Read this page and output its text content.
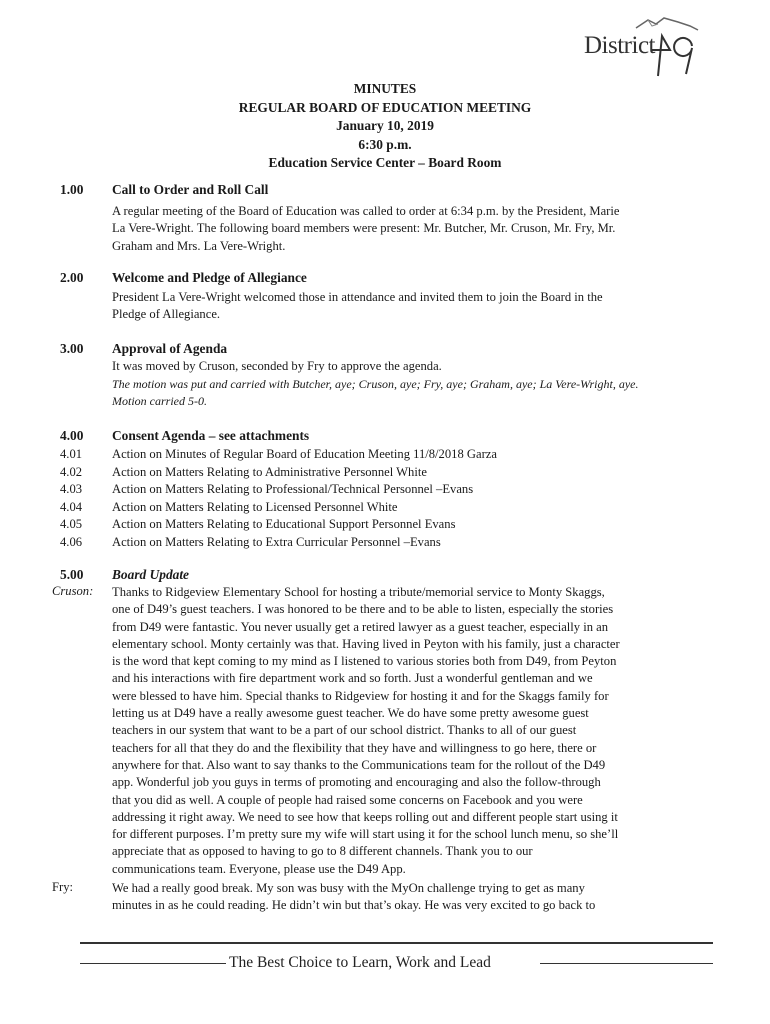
District
MINUTES
REGULAR BOARD OF EDUCATION MEETING
January 10, 2019
6:30 p.m.
Education Service Center – Board Room
1.00 Call to Order and Roll Call
A regular meeting of the Board of Education was called to order at 6:34 p.m. by the President, Marie
La Vere-Wright. The following board members were present: Mr. Butcher, Mr. Cruson, Mr. Fry, Mr.
Graham and Mrs. La Vere-Wright.
2.00 Welcome and Pledge of Allegiance
President La Vere-Wright welcomed those in attendance and invited them to join the Board in the
Pledge of Allegiance.
3.00 Approval of Agenda
It was moved by Cruson, seconded by Fry to approve the agenda.
The motion was put and carried with Butcher, aye; Cruson, aye; Fry, aye; Graham, aye; La Vere-Wright, aye.
Motion carried 5-0.
4.00 Consent Agenda – see attachments
4.01 Action on Minutes of Regular Board of Education Meeting 11/8/2018 Garza
4.02 Action on Matters Relating to Administrative Personnel White
4.03 Action on Matters Relating to Professional/Technical Personnel –Evans
4.04 Action on Matters Relating to Licensed Personnel White
4.05 Action on Matters Relating to Educational Support Personnel Evans
4.06 Action on Matters Relating to Extra Curricular Personnel –Evans
5.00 Board Update
Cruson: Thanks to Ridgeview Elementary School for hosting a tribute/memorial service to Monty Skaggs,
one of D49’s guest teachers. I was honored to be there and to be able to listen, especially the stories
from D49 were fantastic. You never usually get a retired lawyer as a guest teacher, especially in an
elementary school. Monty certainly was that. Having lived in Peyton with his family, just a character
is the word that kept coming to my mind as I listened to various stories both from D49, from Peyton
and his interactions with fire department work and so forth. Just a wonderful gentleman and we
were blessed to have him. Special thanks to Ridgeview for hosting it and for the Skaggs family for
letting us at D49 have a really awesome guest teacher. We do have some pretty awesome guest
teachers in our system that want to be a part of our school district. Thanks to all of our guest
teachers for all that they do and the flexibility that they have and willingness to go here, there or
anywhere for that. Also want to say thanks to the Communications team for the rollout of the D49
app. Wonderful job you guys in terms of promoting and encouraging and also the follow-through
that you did as well. A couple of people had raised some concerns on Facebook and you were
addressing it right away. We need to see how that keeps rolling out and different people start using it
for different purposes. I’m pretty sure my wife will start using it for the school lunch menu, so she’ll
appreciate that as opposed to having to go to 8 different channels. Thank you to our
communications team. Everyone, please use the D49 App.
Fry:	We had a really good break. My son was busy with the MyOn challenge trying to get as many
minutes in as he could reading. He didn’t win but that’s okay. He was very excited to go back to
The Best Choice to Learn, Work and Lead
